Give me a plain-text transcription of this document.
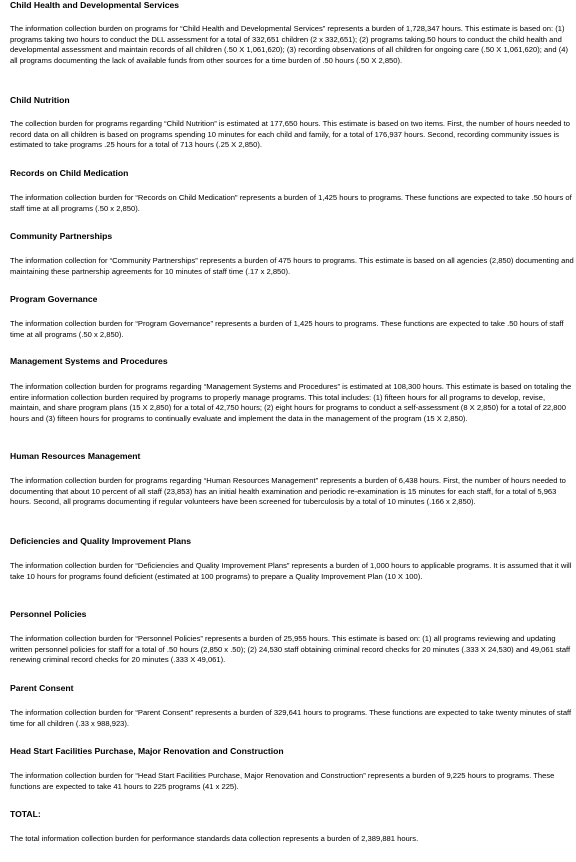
Child Health and Developmental Services

The information collection burden on programs for “Child Health and Developmental Services” represents a burden of 1,728,347 hours. This estimate is based on: (1) programs taking two hours to conduct the DLL assessment for a total of 332,651 children (2 x 332,651); (2) programs taking.50 hours to conduct the child health and developmental assessment and maintain records of all children (.50 X 1,061,620); (3) recording observations of all children for ongoing care (.50 X 1,061,620); and (4) all programs documenting the lack of available funds from other sources for a time burden of .50 hours (.50 X 2,850).

Child Nutrition

The collection burden for programs regarding “Child Nutrition” is estimated at 177,650 hours. This estimate is based on two items. First, the number of hours needed to record data on all children is based on programs spending 10 minutes for each child and family, for a total of 176,937 hours. Second, recording community issues is estimated to take programs .25 hours for a total of 713 hours (.25 X 2,850).

Records on Child Medication

The information collection burden for “Records on Child Medication” represents a burden of 1,425 hours to programs. These functions are expected to take .50 hours of staff time at all programs (.50 x 2,850).

Community Partnerships

The information collection for “Community Partnerships” represents a burden of 475 hours to programs. This estimate is based on all agencies (2,850) documenting and maintaining these partnership agreements for 10 minutes of staff time (.17 x 2,850).

Program Governance

The information collection burden for “Program Governance” represents a burden of 1,425 hours to programs. These functions are expected to take .50 hours of staff time at all programs (.50 x 2,850).

Management Systems and Procedures

The information collection burden for programs regarding “Management Systems and Procedures” is estimated at 108,300 hours. This estimate is based on totaling the entire information collection burden required by programs to properly manage programs. This total includes: (1) fifteen hours for all programs to develop, revise, maintain, and share program plans (15 X 2,850) for a total of 42,750 hours; (2) eight hours for programs to conduct a self-assessment (8 X 2,850) for a total of 22,800 hours and (3) fifteen hours for programs to continually evaluate and implement the data in the management of the program (15 X 2,850).

Human Resources Management

The information collection burden for programs regarding “Human Resources Management” represents a burden of 6,438 hours. First, the number of hours needed to documenting that about 10 percent of all staff (23,853) has an initial health examination and periodic re-examination is 15 minutes for each staff, for a total of 5,963 hours. Second, all programs documenting if regular volunteers have been screened for tuberculosis by a total of 10 minutes (.166 x 2,850).

Deficiencies and Quality Improvement Plans

The information collection burden for “Deficiencies and Quality Improvement Plans” represents a burden of 1,000 hours to applicable programs. It is assumed that it will take 10 hours for programs found deficient (estimated at 100 programs) to prepare a Quality Improvement Plan (10 X 100).

Personnel Policies

The information collection burden for “Personnel Policies” represents a burden of 25,955 hours. This estimate is based on: (1) all programs reviewing and updating written personnel policies for staff for a total of .50 hours (2,850 x .50); (2) 24,530 staff obtaining criminal record checks for 20 minutes (.333 X 24,530) and 49,061 staff renewing criminal record checks for 20 minutes (.333 X 49,061).

Parent Consent

The information collection burden for “Parent Consent” represents a burden of 329,641 hours to programs. These functions are expected to take twenty minutes of staff time for all children (.33 x 988,923).

Head Start Facilities Purchase, Major Renovation and Construction

The information collection burden for “Head Start Facilities Purchase, Major Renovation and Construction” represents a burden of 9,225 hours to programs. These functions are expected to take 41 hours to 225 programs (41 x 225).

TOTAL:

The total information collection burden for performance standards data collection represents a burden of 2,389,881 hours.
